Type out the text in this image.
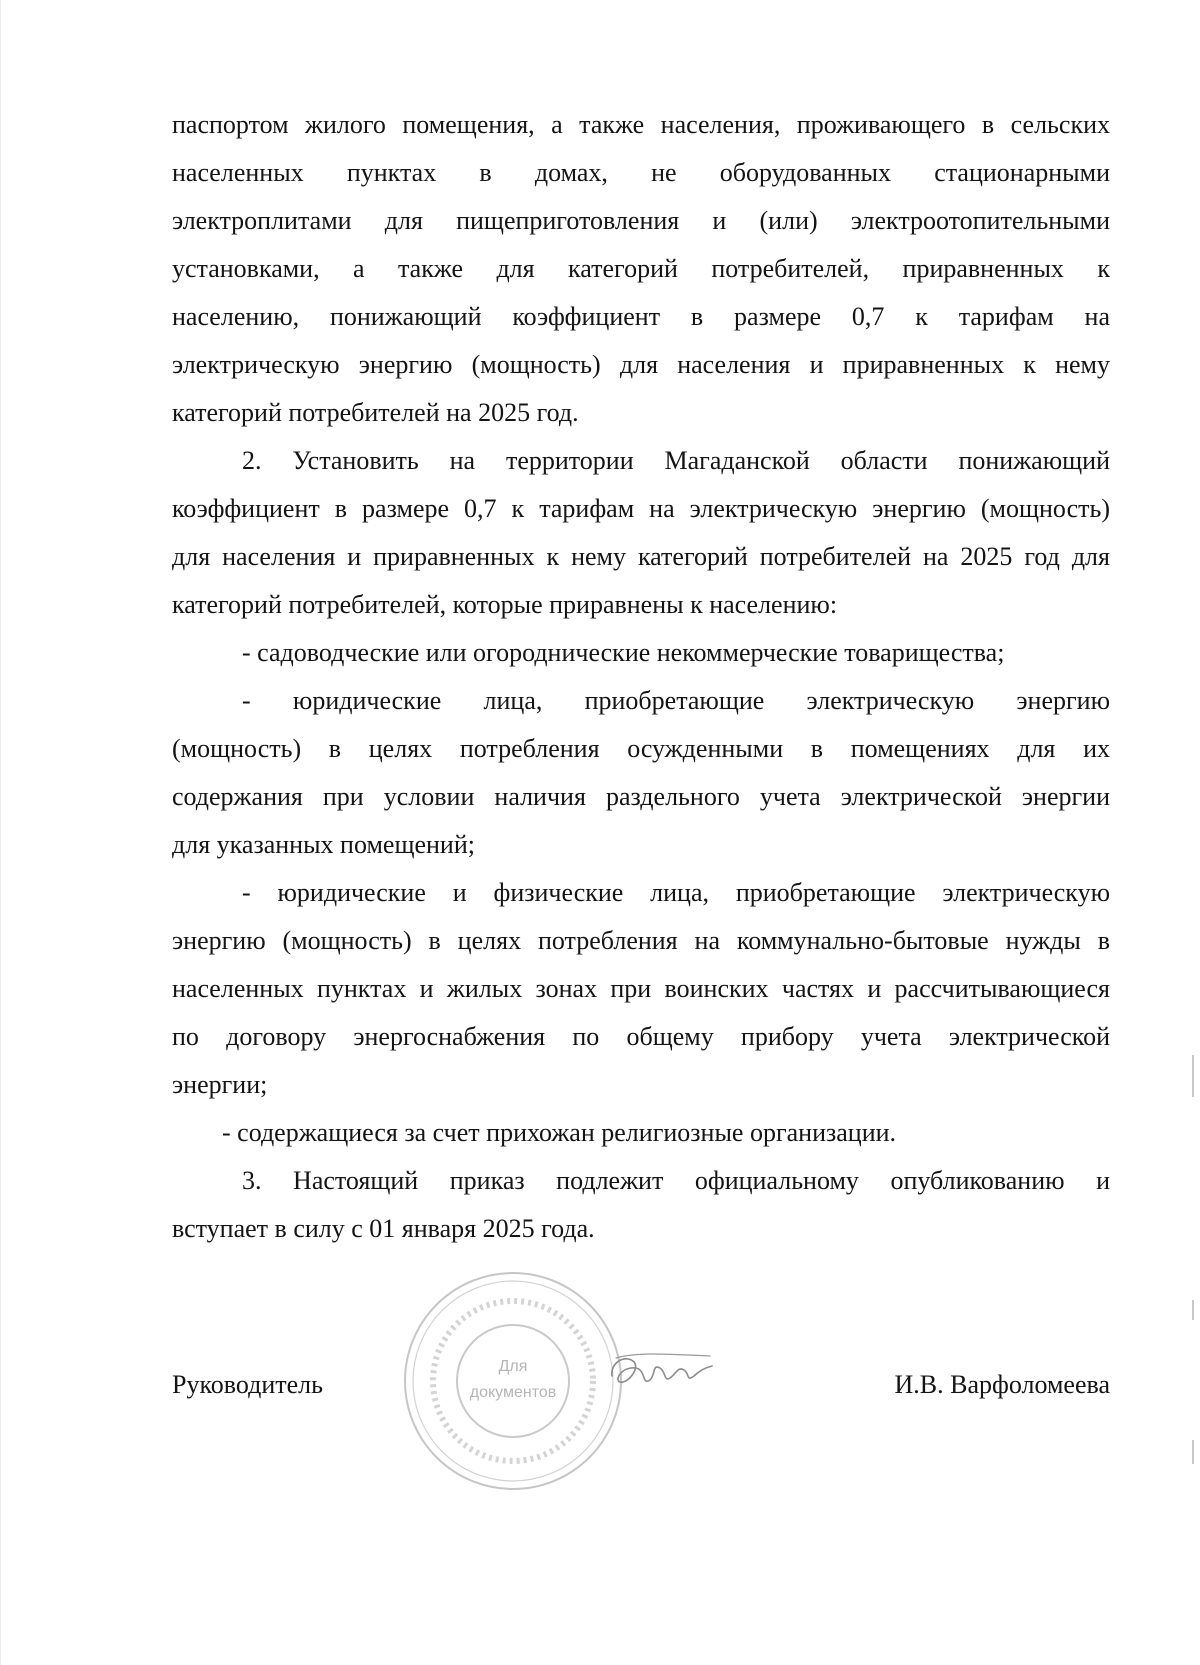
паспортом жилого помещения, а также населения, проживающего в сельских
населенных пунктах в домах, не оборудованных стационарными
электроплитами для пищеприготовления и (или) электроотопительными
установками, а также для категорий потребителей, приравненных к
населению, понижающий коэффициент в размере 0,7 к тарифам на
электрическую энергию (мощность) для населения и приравненных к нему
категорий потребителей на 2025 год.
2. Установить на территории Магаданской области понижающий
коэффициент в размере 0,7 к тарифам на электрическую энергию (мощность)
для населения и приравненных к нему категорий потребителей на 2025 год для
категорий потребителей, которые приравнены к населению:
- садоводческие или огороднические некоммерческие товарищества;
- юридические лица, приобретающие электрическую энергию
(мощность) в целях потребления осужденными в помещениях для их
содержания при условии наличия раздельного учета электрической энергии
для указанных помещений;
- юридические и физические лица, приобретающие электрическую
энергию (мощность) в целях потребления на коммунально-бытовые нужды в
населенных пунктах и жилых зонах при воинских частях и рассчитывающиеся
по договору энергоснабжения по общему прибору учета электрической
энергии;
- содержащиеся за счет прихожан религиозные организации.
3. Настоящий приказ подлежит официальному опубликованию и
вступает в силу с 01 января 2025 года.
Руководитель	И.В. Варфоломеева
Для
документов
